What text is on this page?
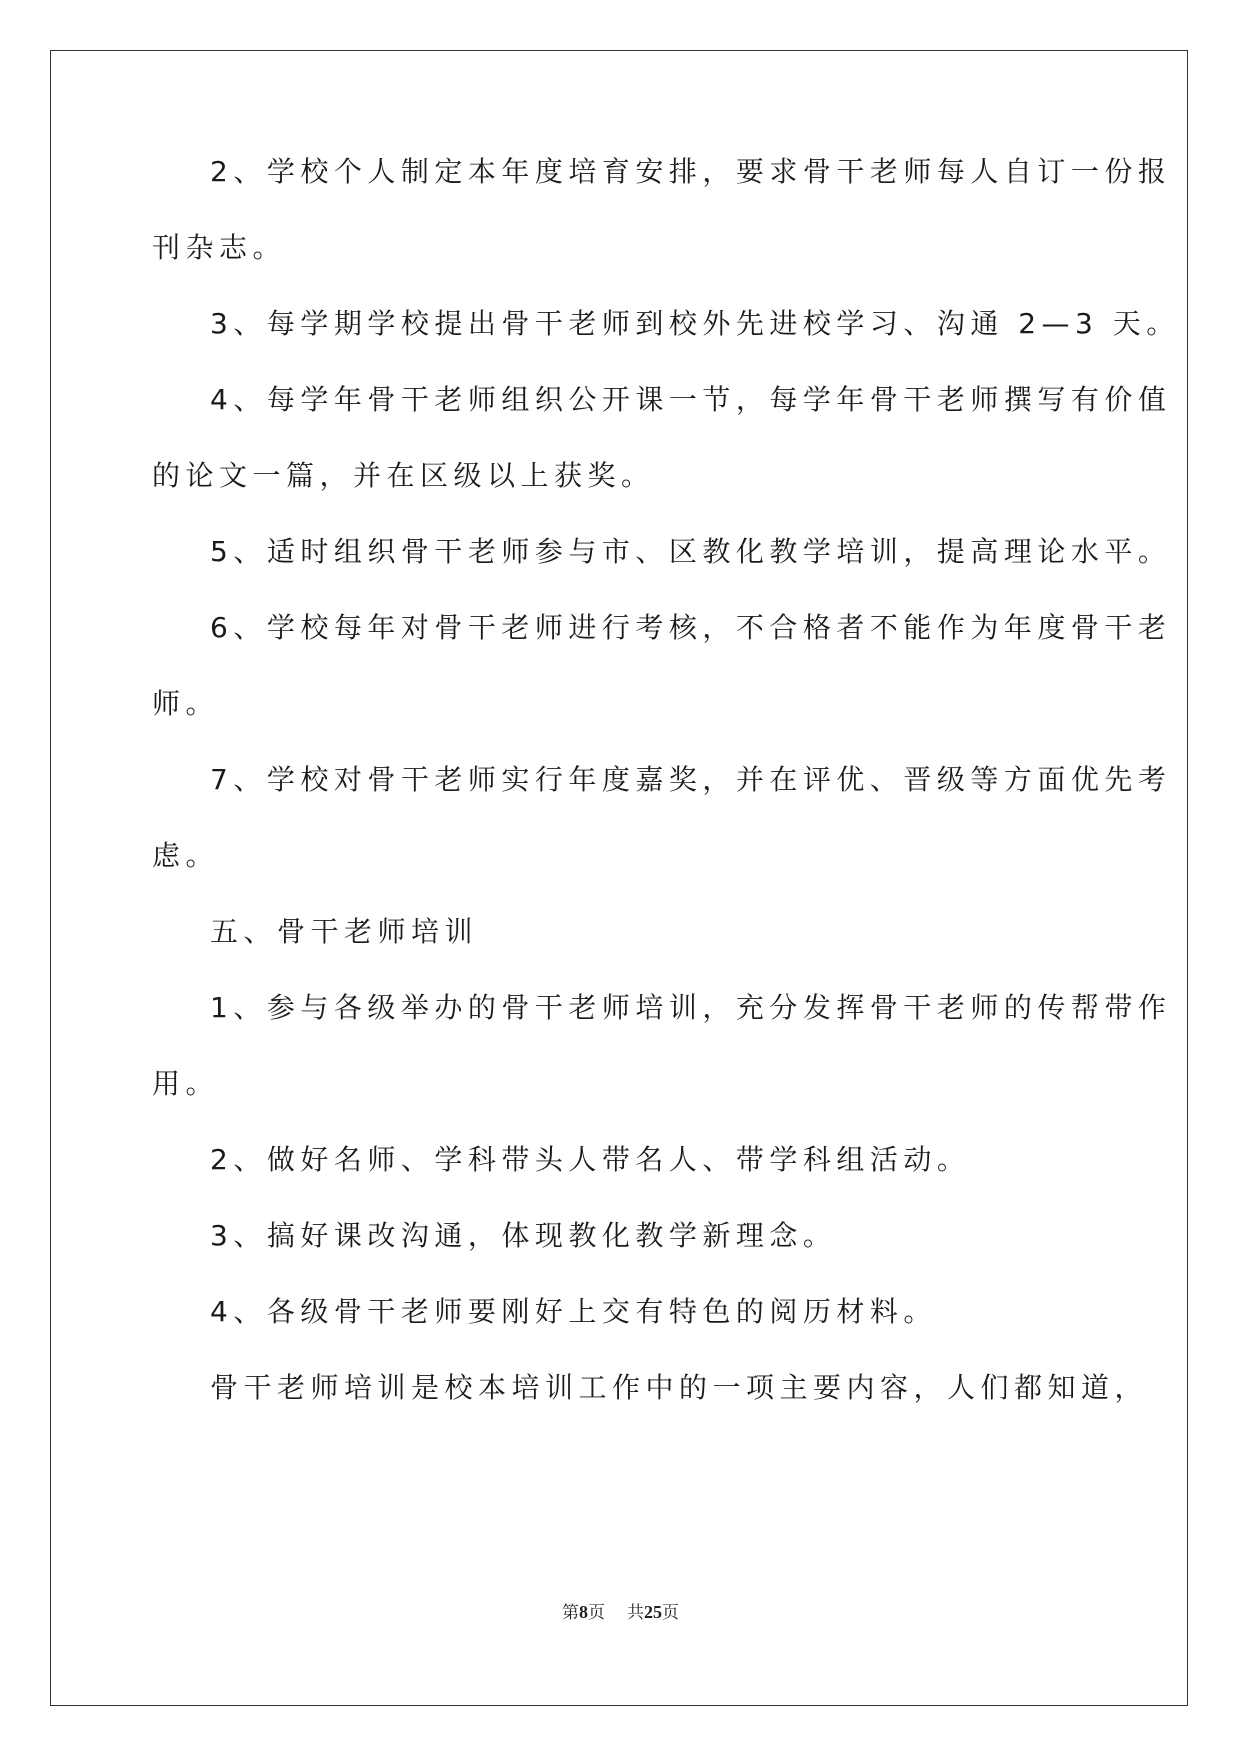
2、学校个人制定本年度培育安排，要求骨干老师每人自订一份报
刊杂志。
3、每学期学校提出骨干老师到校外先进校学习、沟通 2—3 天。
4、每学年骨干老师组织公开课一节，每学年骨干老师撰写有价值
的论文一篇，并在区级以上获奖。
5、适时组织骨干老师参与市、区教化教学培训，提高理论水平。
6、学校每年对骨干老师进行考核，不合格者不能作为年度骨干老
师。
7、学校对骨干老师实行年度嘉奖，并在评优、晋级等方面优先考
虑。
五、骨干老师培训
1、参与各级举办的骨干老师培训，充分发挥骨干老师的传帮带作
用。
2、做好名师、学科带头人带名人、带学科组活动。
3、搞好课改沟通，体现教化教学新理念。
4、各级骨干老师要刚好上交有特色的阅历材料。
骨干老师培训是校本培训工作中的一项主要内容，人们都知道，
第8页 共25页
